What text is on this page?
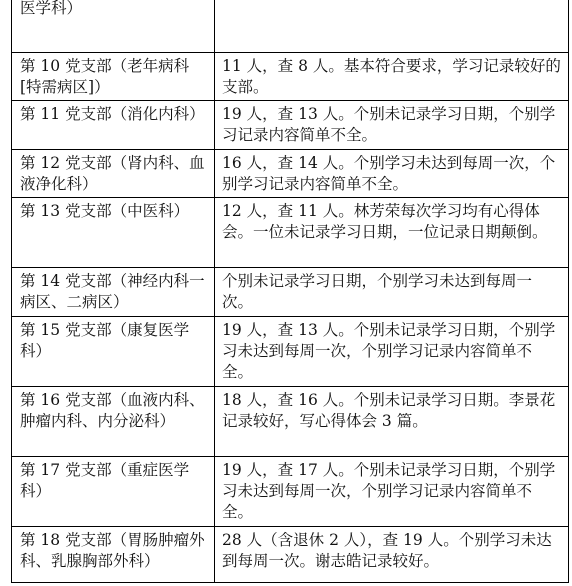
医学科）	
第 10 党支部（老年病科[特需病区]）	11 人，查 8 人。基本符合要求，学习记录较好的支部。
第 11 党支部（消化内科）	19 人，查 13 人。个别未记录学习日期，个别学习记录内容简单不全。
第 12 党支部（肾内科、血液净化科）	16 人，查 14 人。个别学习未达到每周一次，个别学习记录内容简单不全。
第 13 党支部（中医科）	12 人，查 11 人。林芳荣每次学习均有心得体会。一位未记录学习日期，一位记录日期颠倒。
第 14 党支部（神经内科一病区、二病区）	个别未记录学习日期，个别学习未达到每周一次。
第 15 党支部（康复医学科）	19 人，查 13 人。个别未记录学习日期，个别学习未达到每周一次，个别学习记录内容简单不全。
第 16 党支部（血液内科、肿瘤内科、内分泌科）	18 人，查 16 人。个别未记录学习日期。李景花记录较好，写心得体会 3 篇。
第 17 党支部（重症医学科）	19 人，查 17 人。个别未记录学习日期，个别学习未达到每周一次，个别学习记录内容简单不全。
第 18 党支部（胃肠肿瘤外科、乳腺胸部外科）	28 人（含退休 2 人），查 19 人。个别学习未达到每周一次。谢志皓记录较好。
